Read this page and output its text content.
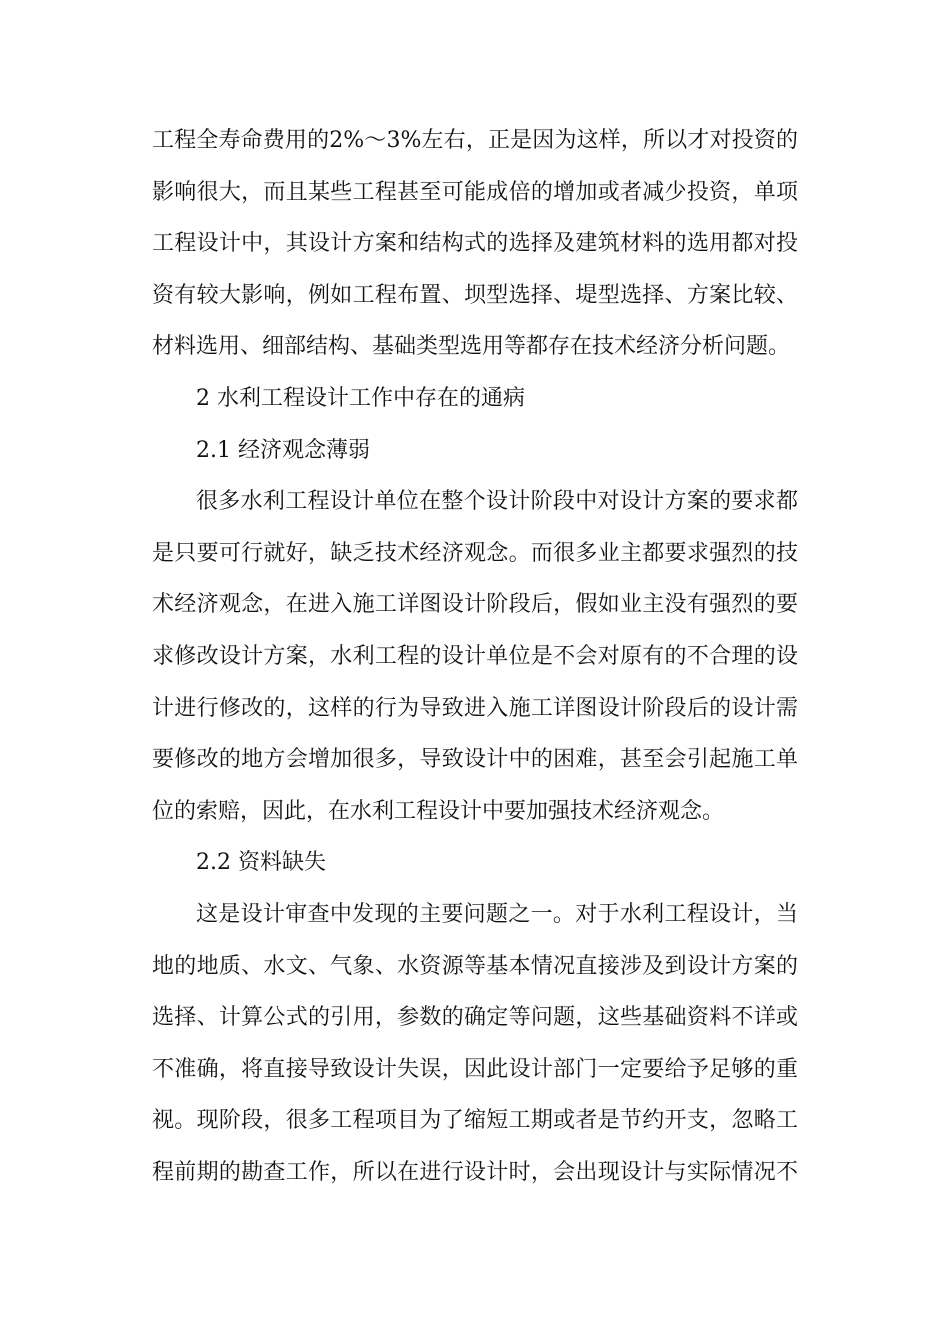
工程全寿命费用的2%～3%左右，正是因为这样，所以才对投资的
影响很大，而且某些工程甚至可能成倍的增加或者减少投资，单项
工程设计中，其设计方案和结构式的选择及建筑材料的选用都对投
资有较大影响，例如工程布置、坝型选择、堤型选择、方案比较、
材料选用、细部结构、基础类型选用等都存在技术经济分析问题。
2 水利工程设计工作中存在的通病
2.1 经济观念薄弱
很多水利工程设计单位在整个设计阶段中对设计方案的要求都
是只要可行就好，缺乏技术经济观念。而很多业主都要求强烈的技
术经济观念，在进入施工详图设计阶段后，假如业主没有强烈的要
求修改设计方案，水利工程的设计单位是不会对原有的不合理的设
计进行修改的，这样的行为导致进入施工详图设计阶段后的设计需
要修改的地方会增加很多，导致设计中的困难，甚至会引起施工单
位的索赔，因此，在水利工程设计中要加强技术经济观念。
2.2 资料缺失
这是设计审查中发现的主要问题之一。对于水利工程设计，当
地的地质、水文、气象、水资源等基本情况直接涉及到设计方案的
选择、计算公式的引用，参数的确定等问题，这些基础资料不详或
不准确，将直接导致设计失误，因此设计部门一定要给予足够的重
视。现阶段，很多工程项目为了缩短工期或者是节约开支，忽略工
程前期的勘查工作，所以在进行设计时，会出现设计与实际情况不
